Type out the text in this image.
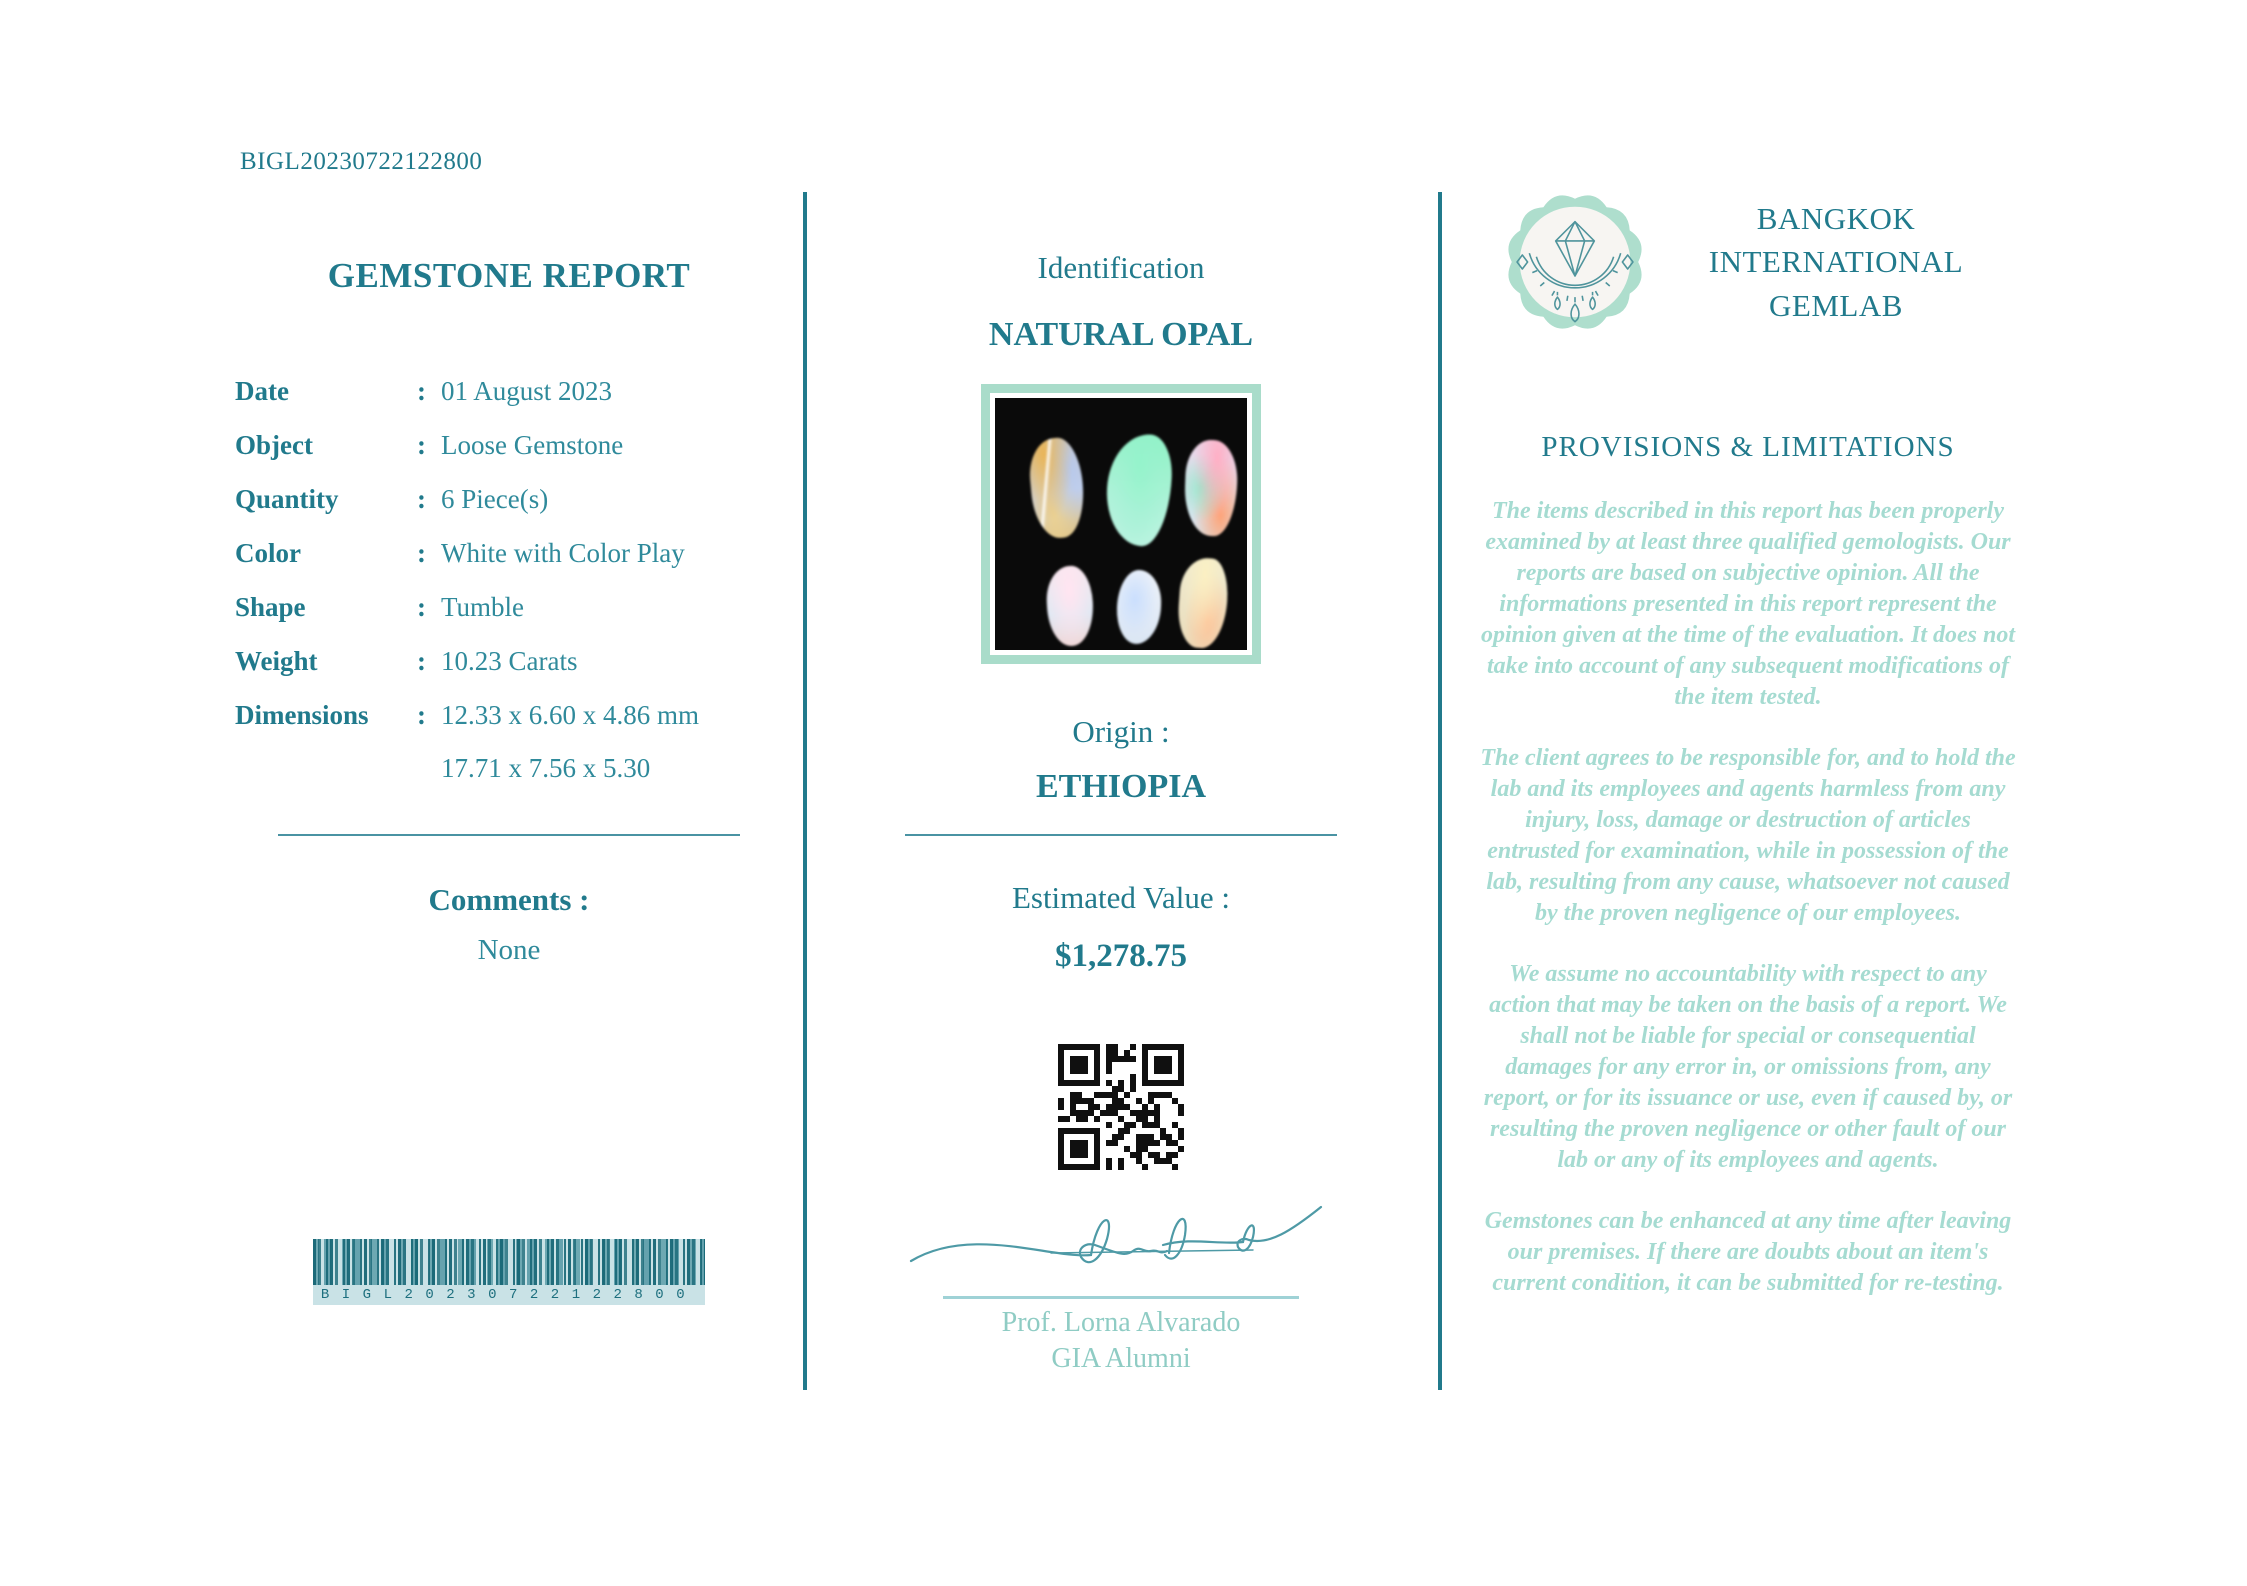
BIGL20230722122800
GEMSTONE REPORT
Date	: 01 August 2023
Object	: Loose Gemstone
Quantity	: 6 Piece(s)
Color	: White with Color Play
Shape	: Tumble
Weight	: 10.23 Carats
Dimensions	: 12.33 x 6.60 x 4.86 mm
17.71 x 7.56 x 5.30
Comments :
None
BIGL20230722122800
Identification
NATURAL OPAL
Origin :
ETHIOPIA
Estimated Value :
$1,278.75
Prof. Lorna Alvarado
GIA Alumni
BANGKOK INTERNATIONAL GEMLAB
PROVISIONS & LIMITATIONS

The items described in this report has been properly examined by at least three qualified gemologists. Our reports are based on subjective opinion. All the informations presented in this report represent the opinion given at the time of the evaluation. It does not take into account of any subsequent modifications of the item tested.

The client agrees to be responsible for, and to hold the lab and its employees and agents harmless from any injury, loss, damage or destruction of articles entrusted for examination, while in possession of the lab, resulting from any cause, whatsoever not caused by the proven negligence of our employees.

We assume no accountability with respect to any action that may be taken on the basis of a report. We shall not be liable for special or consequential damages for any error in, or omissions from, any report, or for its issuance or use, even if caused by, or resulting the proven negligence or other fault of our lab or any of its employees and agents.

Gemstones can be enhanced at any time after leaving our premises. If there are doubts about an item's current condition, it can be submitted for re-testing.
